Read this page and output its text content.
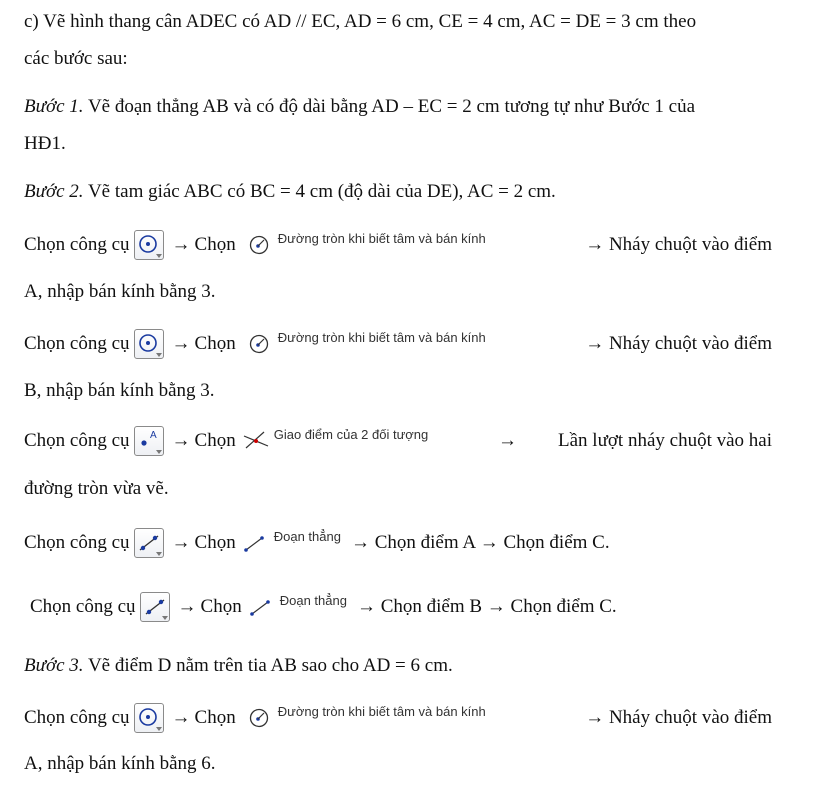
c) Vẽ hình thang cân ADEC có AD // EC, AD = 6 cm, CE = 4 cm, AC = DE = 3 cm theo
các bước sau:
Bước 1. Vẽ đoạn thẳng AB và có độ dài bằng AD – EC = 2 cm tương tự như Bước 1 của
HĐ1.
Bước 2. Vẽ tam giác ABC có BC = 4 cm (độ dài của DE), AC = 2 cm.
Chọn công cụ → Chọn	Đường tròn khi biết tâm và bán kính	→ Nháy chuột vào điểm
A, nhập bán kính bằng 3.
Chọn công cụ → Chọn	Đường tròn khi biết tâm và bán kính	→ Nháy chuột vào điểm
B, nhập bán kính bằng 3.
Chọn công cụ A → Chọn	Giao điểm của 2 đối tượng	→ Lần lượt nháy chuột vào hai
đường tròn vừa vẽ.
Chọn công cụ → Chọn	Đoạn thẳng → Chọn điểm A → Chọn điểm C.
Chọn công cụ → Chọn	Đoạn thẳng → Chọn điểm B → Chọn điểm C.
Bước 3. Vẽ điểm D nằm trên tia AB sao cho AD = 6 cm.
Chọn công cụ → Chọn	Đường tròn khi biết tâm và bán kính	→ Nháy chuột vào điểm
A, nhập bán kính bằng 6.
